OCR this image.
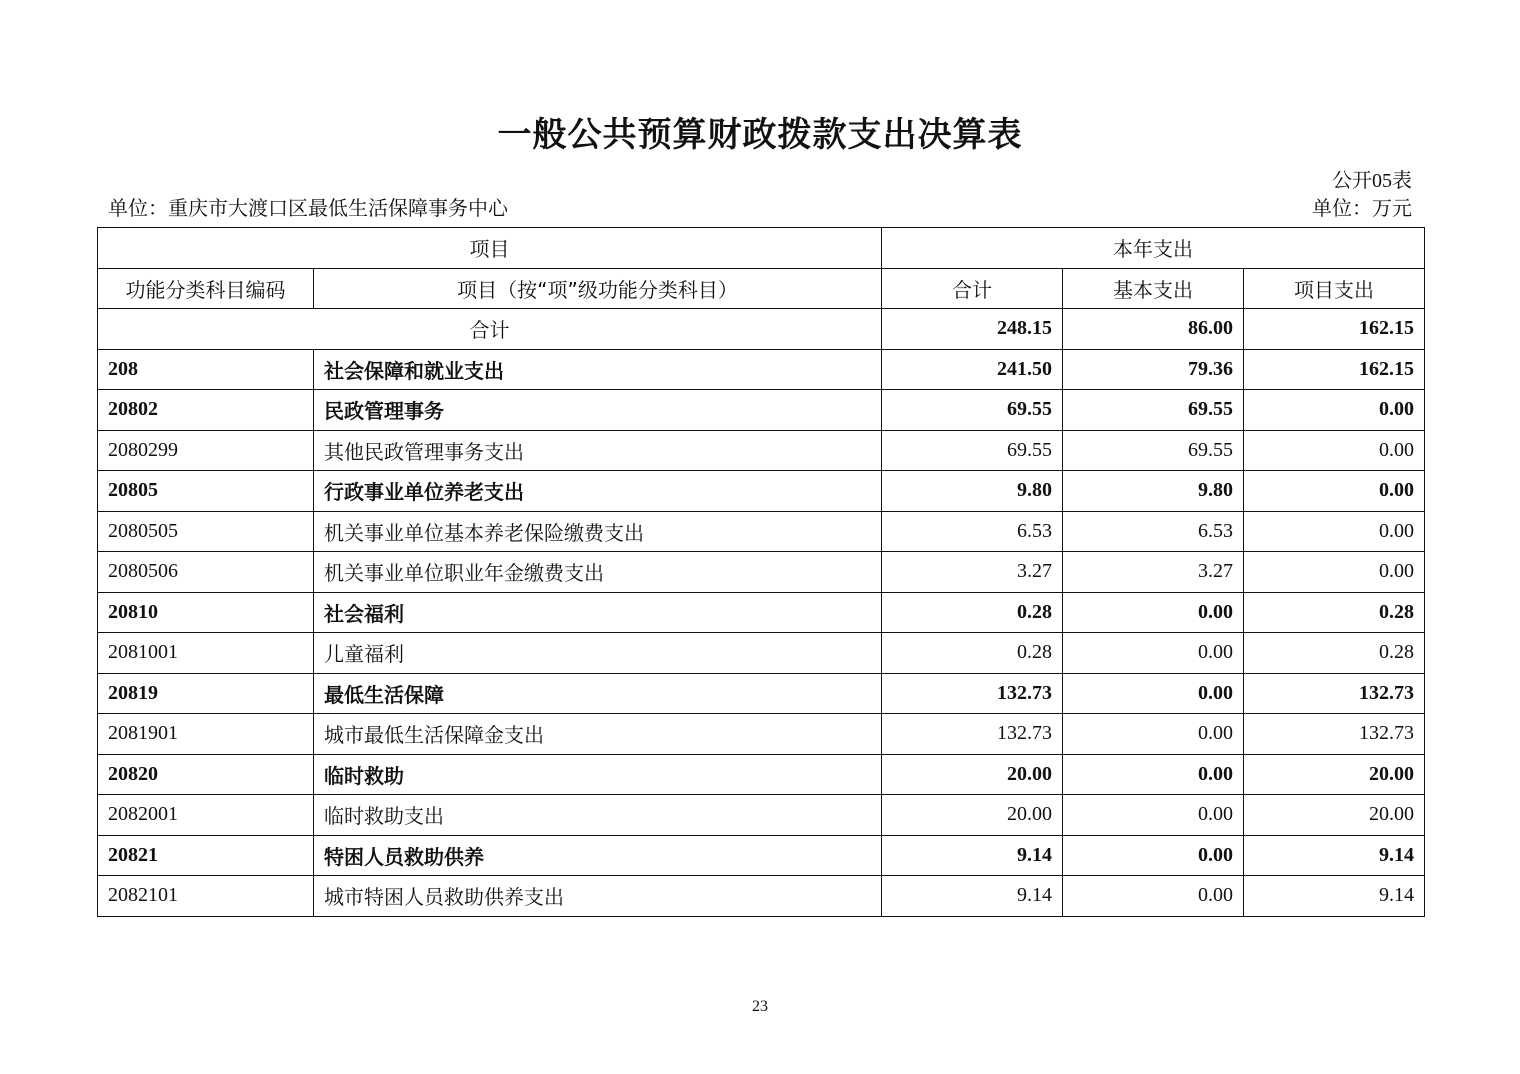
一般公共预算财政拨款支出决算表
公开05表
单位：重庆市大渡口区最低生活保障事务中心	单位：万元
项目		本年支出		
功能分类科目编码	项目（按“项”级功能分类科目）	合计	基本支出	项目支出
合计		248.15	86.00	162.15
208	社会保障和就业支出	241.50	79.36	162.15
20802	民政管理事务	69.55	69.55	0.00
2080299	其他民政管理事务支出	69.55	69.55	0.00
20805	行政事业单位养老支出	9.80	9.80	0.00
2080505	机关事业单位基本养老保险缴费支出	6.53	6.53	0.00
2080506	机关事业单位职业年金缴费支出	3.27	3.27	0.00
20810	社会福利	0.28	0.00	0.28
2081001	儿童福利	0.28	0.00	0.28
20819	最低生活保障	132.73	0.00	132.73
2081901	城市最低生活保障金支出	132.73	0.00	132.73
20820	临时救助	20.00	0.00	20.00
2082001	临时救助支出	20.00	0.00	20.00
20821	特困人员救助供养	9.14	0.00	9.14
2082101	城市特困人员救助供养支出	9.14	0.00	9.14
23
